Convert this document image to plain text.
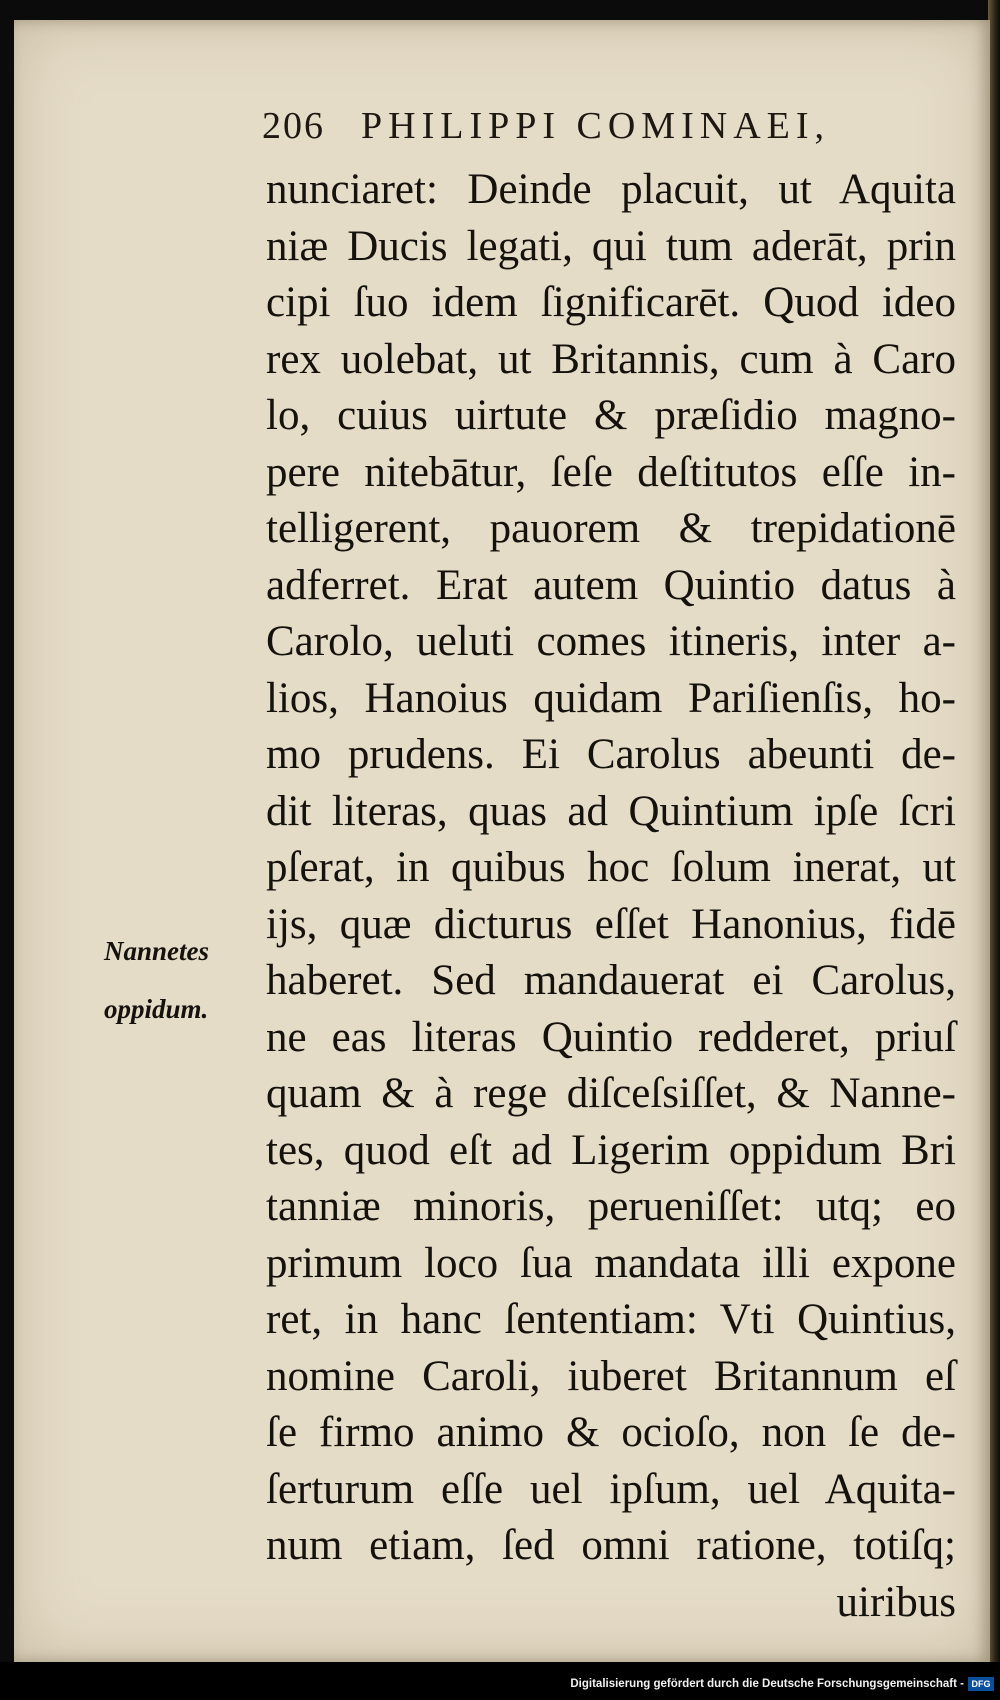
206 PHILIPPI COMINAEI,
nunciaret: Deinde placuit, ut Aquita
niæ Ducis legati, qui tum aderāt, prin
cipi ſuo idem ſignificarēt. Quod ideo
rex uolebat, ut Britannis, cum à Caro
lo, cuius uirtute & præſidio magno-
pere nitebātur, ſeſe deſtitutos eſſe in-
telligerent, pauorem & trepidationē
adferret. Erat autem Quintio datus à
Carolo, ueluti comes itineris, inter a-
lios, Hanoius quidam Pariſienſis, ho-
mo prudens. Ei Carolus abeunti de-
dit literas, quas ad Quintium ipſe ſcri
pſerat, in quibus hoc ſolum inerat, ut
ijs, quæ dicturus eſſet Hanonius, fidē
haberet. Sed mandauerat ei Carolus,
ne eas literas Quintio redderet, priuſ
quam & à rege diſceſsiſſet, & Nanne-
tes, quod eſt ad Ligerim oppidum Bri
tanniæ minoris, perueniſſet: utq; eo
primum loco ſua mandata illi expone
ret, in hanc ſententiam: Vti Quintius,
nomine Caroli, iuberet Britannum eſ
ſe firmo animo & ocioſo, non ſe de-
ſerturum eſſe uel ipſum, uel Aquita-
num etiam, ſed omni ratione, totiſq;
uiribus
Nannetes
oppidum.
Digitalisierung gefördert durch die Deutsche Forschungsgemeinschaft - DFG
